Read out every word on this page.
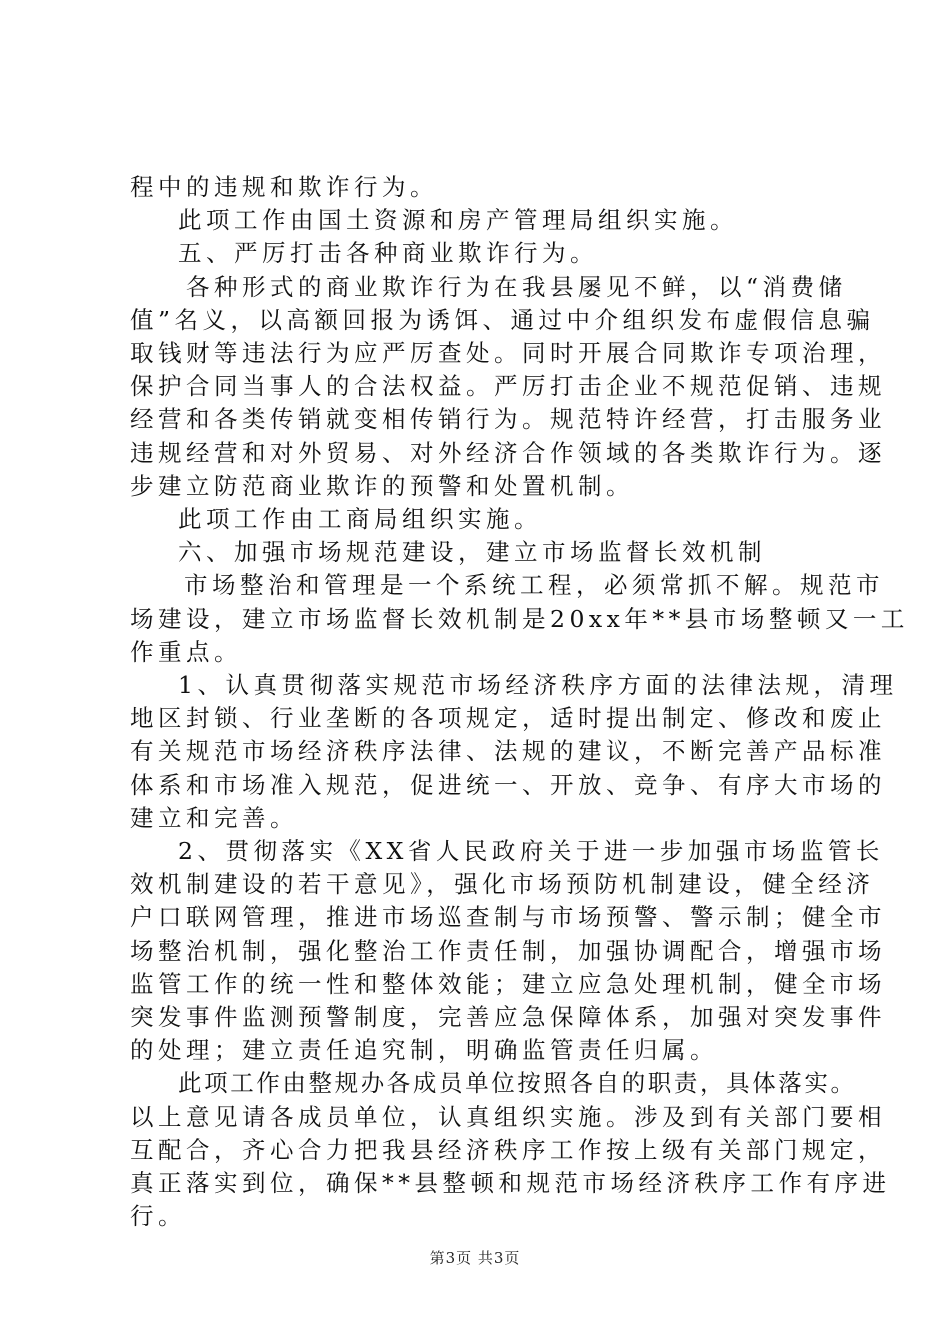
程中的违规和欺诈行为。
此项工作由国土资源和房产管理局组织实施。
五、严厉打击各种商业欺诈行为。
各种形式的商业欺诈行为在我县屡见不鲜，以“消费储
值”名义，以高额回报为诱饵、通过中介组织发布虚假信息骗
取钱财等违法行为应严厉查处。同时开展合同欺诈专项治理，
保护合同当事人的合法权益。严厉打击企业不规范促销、违规
经营和各类传销就变相传销行为。规范特许经营，打击服务业
违规经营和对外贸易、对外经济合作领域的各类欺诈行为。逐
步建立防范商业欺诈的预警和处置机制。
此项工作由工商局组织实施。
六、加强市场规范建设，建立市场监督长效机制
市场整治和管理是一个系统工程，必须常抓不解。规范市
场建设，建立市场监督长效机制是20xx年**县市场整顿又一工
作重点。
1、认真贯彻落实规范市场经济秩序方面的法律法规，清理
地区封锁、行业垄断的各项规定，适时提出制定、修改和废止
有关规范市场经济秩序法律、法规的建议，不断完善产品标准
体系和市场准入规范，促进统一、开放、竞争、有序大市场的
建立和完善。
2、贯彻落实《XX省人民政府关于进一步加强市场监管长
效机制建设的若干意见》，强化市场预防机制建设，健全经济
户口联网管理，推进市场巡查制与市场预警、警示制；健全市
场整治机制，强化整治工作责任制，加强协调配合，增强市场
监管工作的统一性和整体效能；建立应急处理机制，健全市场
突发事件监测预警制度，完善应急保障体系，加强对突发事件
的处理；建立责任追究制，明确监管责任归属。
此项工作由整规办各成员单位按照各自的职责，具体落实。
以上意见请各成员单位，认真组织实施。涉及到有关部门要相
互配合，齐心合力把我县经济秩序工作按上级有关部门规定，
真正落实到位，确保**县整顿和规范市场经济秩序工作有序进
行。
第3页 共3页
